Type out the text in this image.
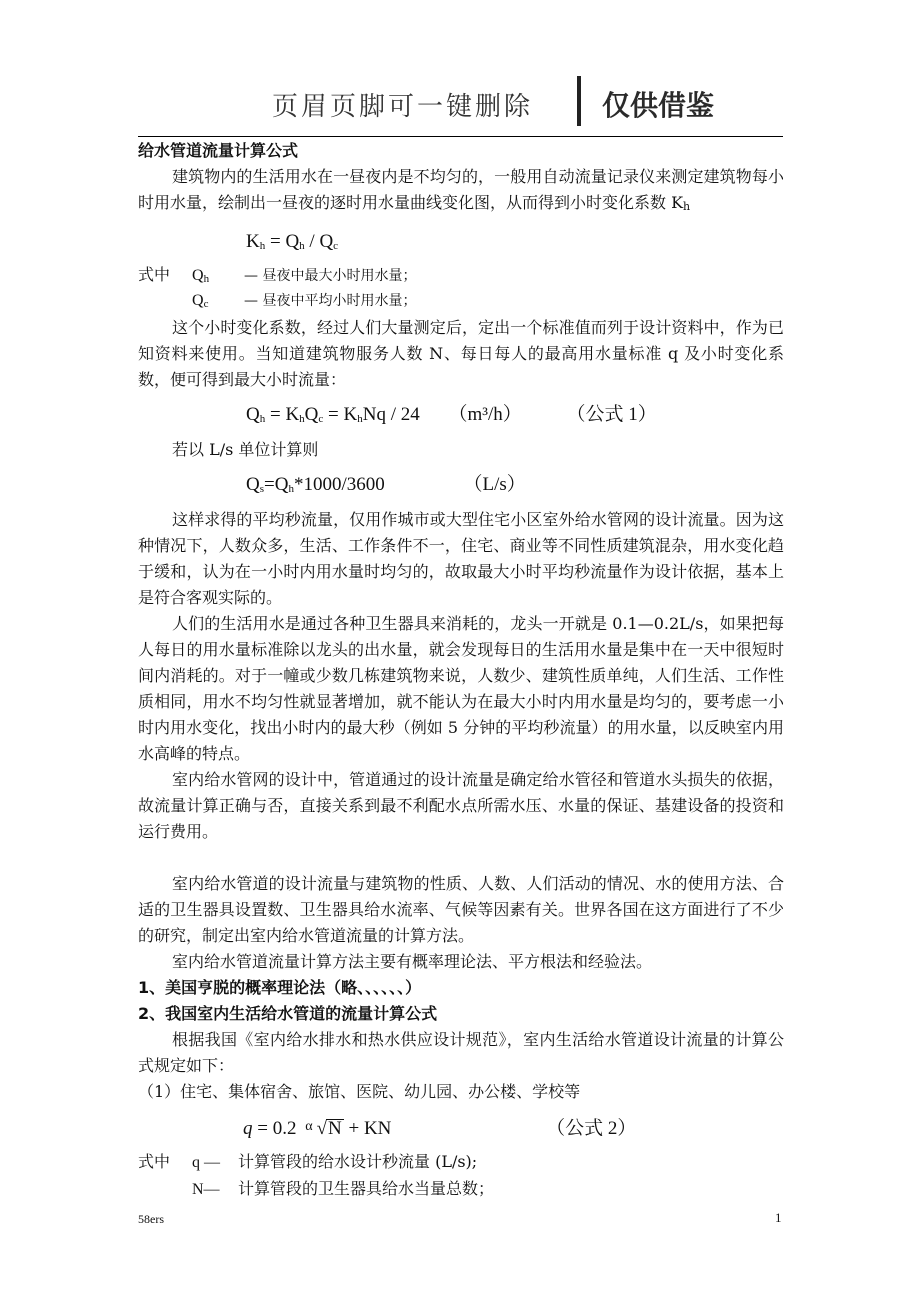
页眉页脚可一键删除 仅供借鉴

给水管道流量计算公式

建筑物内的生活用水在一昼夜内是不均匀的，一般用自动流量记录仪来测定建筑物每小时用水量，绘制出一昼夜的逐时用水量曲线变化图，从而得到小时变化系数 $K_h$

$K_h = Q_h / Q_c$
式中 $Q_h$ — 昼夜中最大小时用水量；
$Q_c$	— 昼夜中平均小时用水量；

这个小时变化系数，经过人们大量测定后，定出一个标准值而列于设计资料中，作为已知资料来使用。当知道建筑物服务人数 N、每日每人的最高用水量标准 q 及小时变化系数，便可得到最大小时流量：

$Q_h = K_hQ_c = K_hNq / 24$ （m³/h） （公式 1）

若以 L/s 单位计算则

$Q_s=Q_h*1000/3600$	（L/s）

这样求得的平均秒流量，仅用作城市或大型住宅小区室外给水管网的设计流量。因为这种情况下，人数众多，生活、工作条件不一，住宅、商业等不同性质建筑混杂，用水变化趋于缓和，认为在一小时内用水量时均匀的，故取最大小时平均秒流量作为设计依据，基本上是符合客观实际的。

人们的生活用水是通过各种卫生器具来消耗的，龙头一开就是 0.1—0.2L/s，如果把每人每日的用水量标准除以龙头的出水量，就会发现每日的生活用水量是集中在一天中很短时间内消耗的。对于一幢或少数几栋建筑物来说，人数少、建筑性质单纯，人们生活、工作性质相同，用水不均匀性就显著增加，就不能认为在最大小时内用水量是均匀的，要考虑一小时内用水变化，找出小时内的最大秒（例如 5 分钟的平均秒流量）的用水量，以反映室内用水高峰的特点。

室内给水管网的设计中，管道通过的设计流量是确定给水管径和管道水头损失的依据，故流量计算正确与否，直接关系到最不利配水点所需水压、水量的保证、基建设备的投资和运行费用。

室内给水管道的设计流量与建筑物的性质、人数、人们活动的情况、水的使用方法、合适的卫生器具设置数、卫生器具给水流率、气候等因素有关。世界各国在这方面进行了不少的研究，制定出室内给水管道流量的计算方法。

室内给水管道流量计算方法主要有概率理论法、平方根法和经验法。

1、美国亨脱的概率理论法（略、、、、、、）

2、我国室内生活给水管道的流量计算公式

根据我国《室内给水排水和热水供应设计规范》，室内生活给水管道设计流量的计算公式规定如下：

（1）住宅、集体宿舍、旅馆、医院、幼儿园、办公楼、学校等

q = 0.2 $^\alpha$ √N + KN	（公式 2）
式中 q — 计算管段的给水设计秒流量 (L/s);
N— 计算管段的卫生器具给水当量总数；
58ers	1
